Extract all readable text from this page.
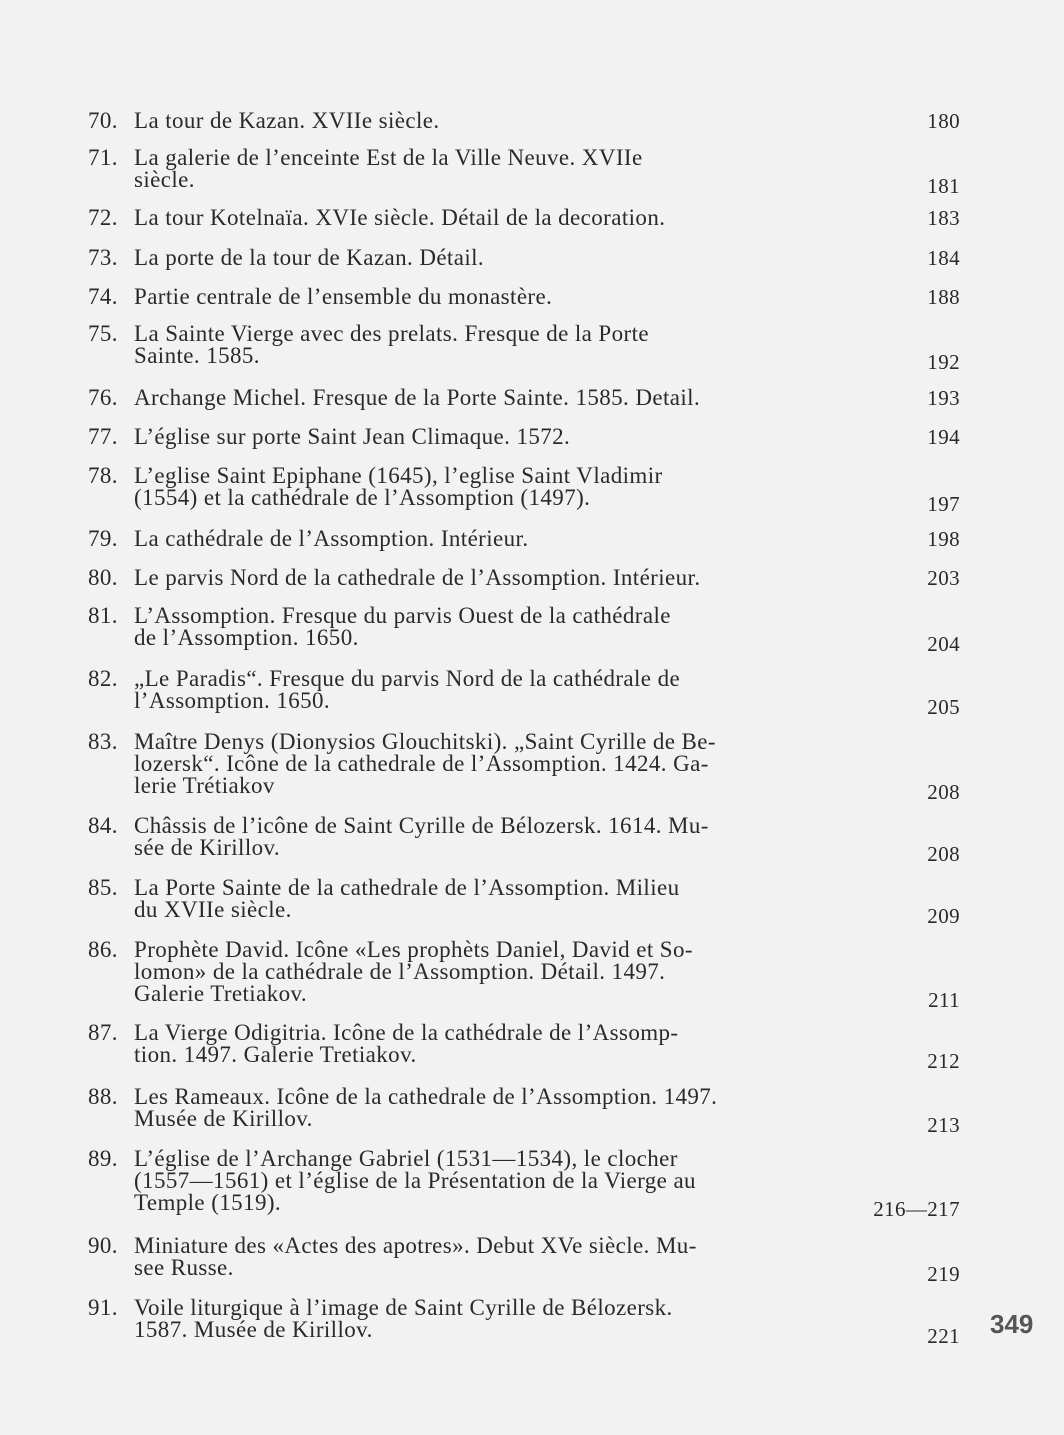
70. La tour de Kazan. XVIIe siècle.	180
71. La galerie de l’enceinte Est de la Ville Neuve. XVIIe
siècle.	181
72. La tour Kotelnaïa. XVIe siècle. Détail de la decoration.	183
73. La porte de la tour de Kazan. Détail.	184
74. Partie centrale de l’ensemble du monastère.	188
75. La Sainte Vierge avec des prelats. Fresque de la Porte
Sainte. 1585.	192
76. Archange Michel. Fresque de la Porte Sainte. 1585. Detail.	193
77. L’église sur porte Saint Jean Climaque. 1572.	194
78. L’eglise Saint Epiphane (1645), l’eglise Saint Vladimir
(1554) et la cathédrale de l’Assomption (1497).	197
79. La cathédrale de l’Assomption. Intérieur.	198
80. Le parvis Nord de la cathedrale de l’Assomption. Intérieur.	203
81. L’Assomption. Fresque du parvis Ouest de la cathédrale
de l’Assomption. 1650.	204
82. „Le Paradis“. Fresque du parvis Nord de la cathédrale de
l’Assomption. 1650.	205
83. Maître Denys (Dionysios Glouchitski). „Saint Cyrille de Be-
lozersk“. Icône de la cathedrale de l’Assomption. 1424. Ga-
lerie Trétiakov	208
84. Châssis de l’icône de Saint Cyrille de Bélozersk. 1614. Mu-
sée de Kirillov.	208
85. La Porte Sainte de la cathedrale de l’Assomption. Milieu
du XVIIe siècle.	209
86. Prophète David. Icône «Les prophèts Daniel, David et So-
lomon» de la cathédrale de l’Assomption. Détail. 1497.
Galerie Tretiakov.	211
87. La Vierge Odigitria. Icône de la cathédrale de l’Assomp-
tion. 1497. Galerie Tretiakov.	212
88. Les Rameaux. Icône de la cathedrale de l’Assomption. 1497.
Musée de Kirillov.	213
89. L’église de l’Archange Gabriel (1531—1534), le clocher
(1557—1561) et l’église de la Présentation de la Vierge au
Temple (1519).	216—217
90. Miniature des «Actes des apotres». Debut XVe siècle. Mu-
see Russe.	219
91. Voile liturgique à l’image de Saint Cyrille de Bélozersk.
1587. Musée de Kirillov.	221 349
